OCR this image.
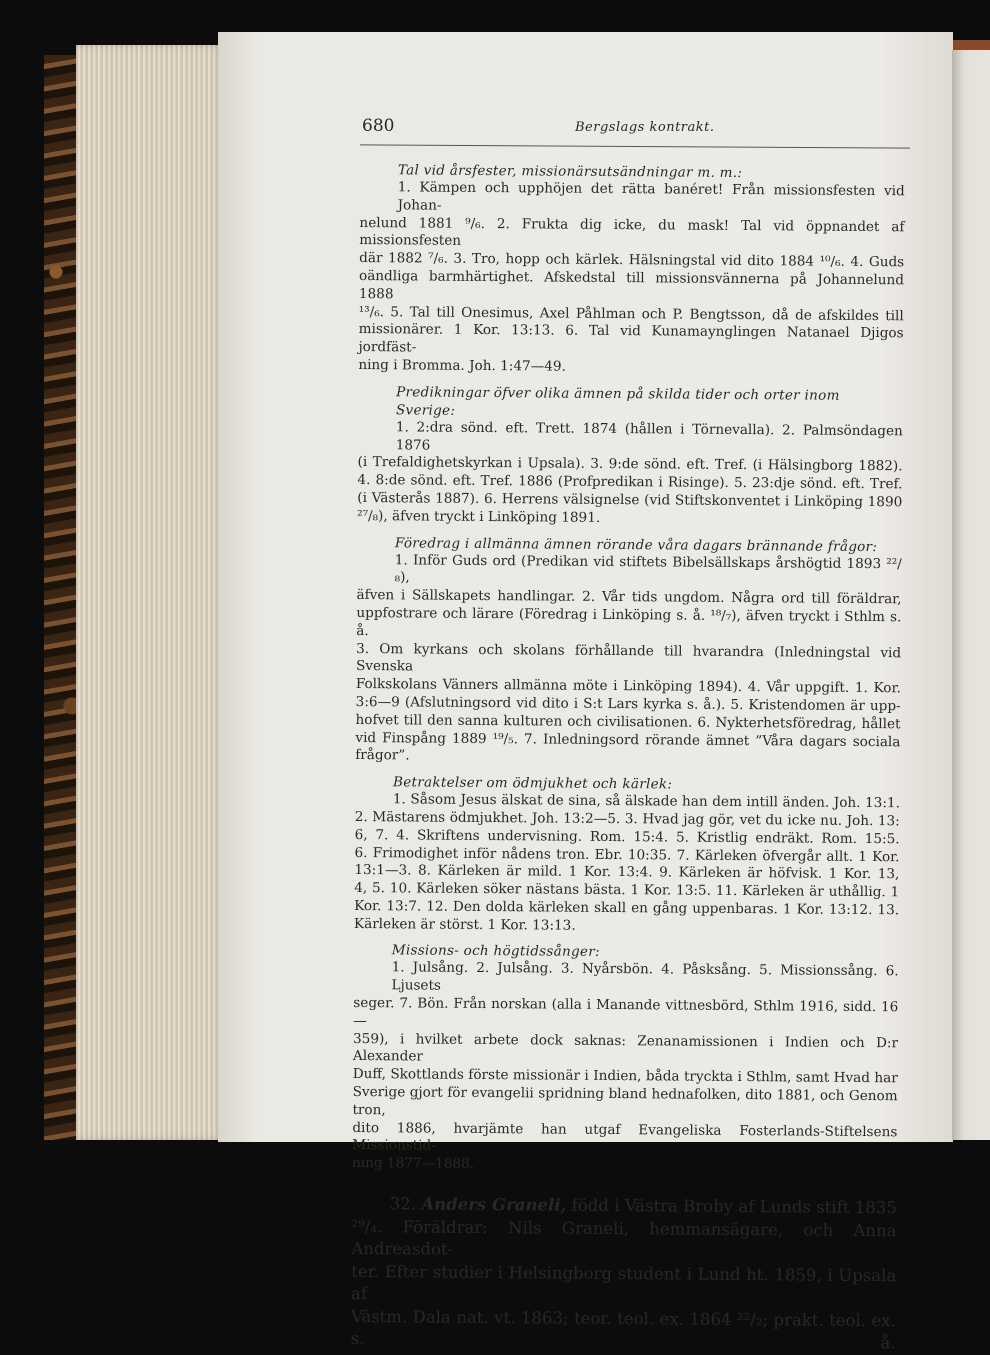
680	Bergslags kontrakt.
Tal vid årsfester, missionärsutsändningar m. m.:
1. Kämpen och upphöjen det rätta banéret! Från missionsfesten vid Johan-
nelund 1881 ⁹/₆. 2. Frukta dig icke, du mask! Tal vid öppnandet af missionsfesten
där 1882 ⁷/₆. 3. Tro, hopp och kärlek. Hälsningstal vid dito 1884 ¹⁰/₆. 4. Guds
oändliga barmhärtighet. Afskedstal till missionsvännerna på Johannelund 1888
¹³/₆. 5. Tal till Onesimus, Axel Påhlman och P. Bengtsson, då de afskildes till
missionärer. 1 Kor. 13:13. 6. Tal vid Kunamaynglingen Natanael Djigos jordfäst-
ning i Bromma. Joh. 1:47—49.
Predikningar öfver olika ämnen på skilda tider och orter inom Sverige:
1. 2:dra sönd. eft. Trett. 1874 (hållen i Törnevalla). 2. Palmsöndagen 1876
(i Trefaldighetskyrkan i Upsala). 3. 9:de sönd. eft. Tref. (i Hälsingborg 1882).
4. 8:de sönd. eft. Tref. 1886 (Profpredikan i Risinge). 5. 23:dje sönd. eft. Tref.
(i Västerås 1887). 6. Herrens välsignelse (vid Stiftskonventet i Linköping 1890
²⁷/₈), äfven tryckt i Linköping 1891.
Föredrag i allmänna ämnen rörande våra dagars brännande frågor:
1. Inför Guds ord (Predikan vid stiftets Bibelsällskaps årshögtid 1893 ²²/₈),
äfven i Sällskapets handlingar. 2. Vår tids ungdom. Några ord till föräldrar,
uppfostrare och lärare (Föredrag i Linköping s. å. ¹⁸/₇), äfven tryckt i Sthlm s. å.
3. Om kyrkans och skolans förhållande till hvarandra (Inledningstal vid Svenska
Folkskolans Vänners allmänna möte i Linköping 1894). 4. Vår uppgift. 1. Kor.
3:6—9 (Afslutningsord vid dito i S:t Lars kyrka s. å.). 5. Kristendomen är upp-
hofvet till den sanna kulturen och civilisationen. 6. Nykterhetsföredrag, hållet
vid Finspång 1889 ¹⁹/₅. 7. Inledningsord rörande ämnet ”Våra dagars sociala
frågor”.
Betraktelser om ödmjukhet och kärlek:
1. Såsom Jesus älskat de sina, så älskade han dem intill änden. Joh. 13:1.
2. Mästarens ödmjukhet. Joh. 13:2—5. 3. Hvad jag gör, vet du icke nu. Joh. 13:
6, 7. 4. Skriftens undervisning. Rom. 15:4. 5. Kristlig endräkt. Rom. 15:5.
6. Frimodighet inför nådens tron. Ebr. 10:35. 7. Kärleken öfvergår allt. 1 Kor.
13:1—3. 8. Kärleken är mild. 1 Kor. 13:4. 9. Kärleken är höfvisk. 1 Kor. 13,
4, 5. 10. Kärleken söker nästans bästa. 1 Kor. 13:5. 11. Kärleken är uthållig. 1
Kor. 13:7. 12. Den dolda kärleken skall en gång uppenbaras. 1 Kor. 13:12. 13.
Kärleken är störst. 1 Kor. 13:13.
Missions- och högtidssånger:
1. Julsång. 2. Julsång. 3. Nyårsbön. 4. Påsksång. 5. Missionssång. 6. Ljusets
seger. 7. Bön. Från norskan (alla i Manande vittnesbörd, Sthlm 1916, sidd. 16—
359), i hvilket arbete dock saknas: Zenanamissionen i Indien och D:r Alexander
Duff, Skottlands förste missionär i Indien, båda tryckta i Sthlm, samt Hvad har
Sverige gjort för evangelii spridning bland hednafolken, dito 1881, och Genom tron,
dito 1886, hvarjämte han utgaf Evangeliska Fosterlands-Stiftelsens Missionstid-
ning 1877—1888.
32. Anders Graneli, född i Västra Broby af Lunds stift 1835
²⁹/₄. Föräldrar: Nils Graneli, hemmansägare, och Anna Andreasdot-
ter. Efter studier i Helsingborg student i Lund ht. 1859, i Upsala af
Västm. Dala nat. vt. 1863; teor. teol. ex. 1864 ²²/₂; prakt. teol. ex. s. å.
